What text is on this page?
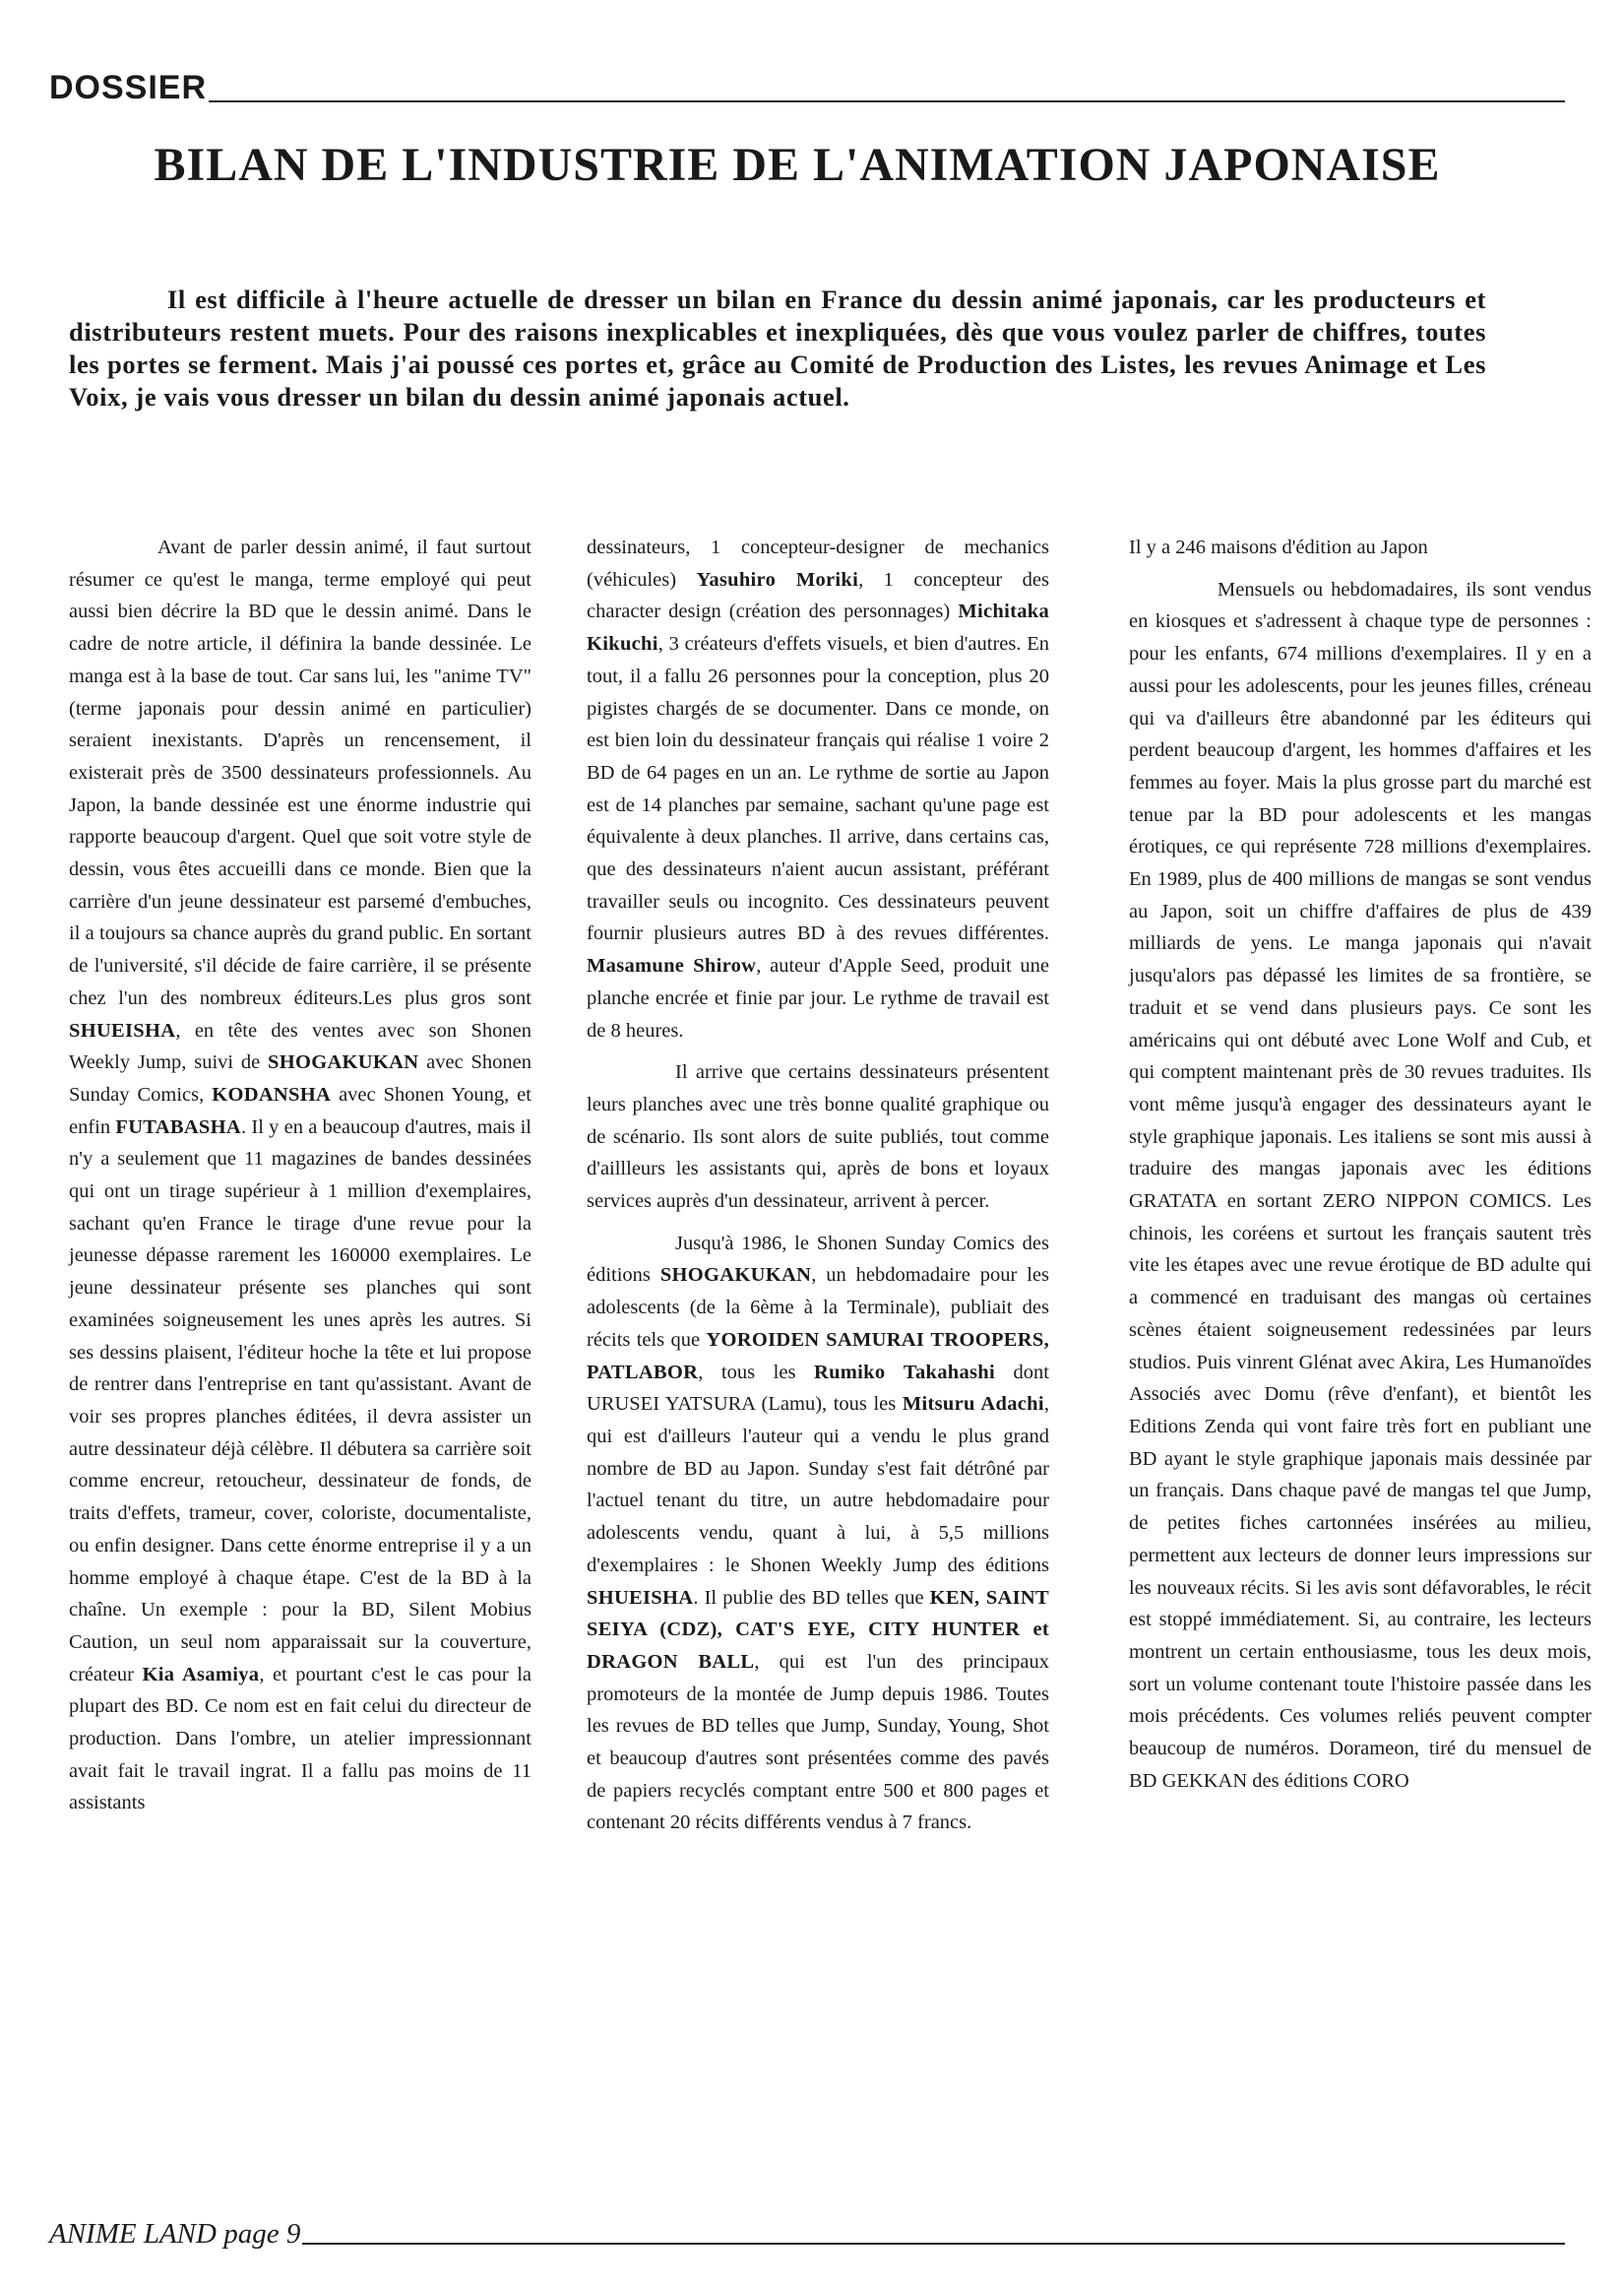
DOSSIER
BILAN DE L'INDUSTRIE DE L'ANIMATION JAPONAISE

Il est difficile à l'heure actuelle de dresser un bilan en France du dessin animé japonais, car les producteurs et distributeurs restent muets. Pour des raisons inexplicables et inexpliquées, dès que vous voulez parler de chiffres, toutes les portes se ferment. Mais j'ai poussé ces portes et, grâce au Comité de Production des Listes, les revues Animage et Les Voix, je vais vous dresser un bilan du dessin animé japonais actuel.

Avant de parler dessin animé, il faut surtout résumer ce qu'est le manga, terme employé qui peut aussi bien décrire la BD que le dessin animé. Dans le cadre de notre article, il définira la bande dessinée. Le manga est à la base de tout. Car sans lui, les "anime TV" (terme japonais pour dessin animé en particulier) seraient inexistants. D'après un rencensement, il existerait près de 3500 dessinateurs professionnels. Au Japon, la bande dessinée est une énorme industrie qui rapporte beaucoup d'argent. Quel que soit votre style de dessin, vous êtes accueilli dans ce monde. Bien que la carrière d'un jeune dessinateur est parsemé d'embuches, il a toujours sa chance auprès du grand public. En sortant de l'université, s'il décide de faire carrière, il se présente chez l'un des nombreux éditeurs.Les plus gros sont SHUEISHA, en tête des ventes avec son Shonen Weekly Jump, suivi de SHOGAKUKAN avec Shonen Sunday Comics, KODANSHA avec Shonen Young, et enfin FUTABASHA. Il y en a beaucoup d'autres, mais il n'y a seulement que 11 magazines de bandes dessinées qui ont un tirage supérieur à 1 million d'exemplaires, sachant qu'en France le tirage d'une revue pour la jeunesse dépasse rarement les 160000 exemplaires. Le jeune dessinateur présente ses planches qui sont examinées soigneusement les unes après les autres. Si ses dessins plaisent, l'éditeur hoche la tête et lui propose de rentrer dans l'entreprise en tant qu'assistant. Avant de voir ses propres planches éditées, il devra assister un autre dessinateur déjà célèbre. Il débutera sa carrière soit comme encreur, retoucheur, dessinateur de fonds, de traits d'effets, trameur, cover, coloriste, documentaliste, ou enfin designer. Dans cette énorme entreprise il y a un homme employé à chaque étape. C'est de la BD à la chaîne. Un exemple : pour la BD, Silent Mobius Caution, un seul nom apparaissait sur la couverture, créateur Kia Asamiya, et pourtant c'est le cas pour la plupart des BD. Ce nom est en fait celui du directeur de production. Dans l'ombre, un atelier impressionnant avait fait le travail ingrat. Il a fallu pas moins de 11 assistants

dessinateurs, 1 concepteur-designer de mechanics (véhicules) Yasuhiro Moriki, 1 concepteur des character design (création des personnages) Michitaka Kikuchi, 3 créateurs d'effets visuels, et bien d'autres. En tout, il a fallu 26 personnes pour la conception, plus 20 pigistes chargés de se documenter. Dans ce monde, on est bien loin du dessinateur français qui réalise 1 voire 2 BD de 64 pages en un an. Le rythme de sortie au Japon est de 14 planches par semaine, sachant qu'une page est équivalente à deux planches. Il arrive, dans certains cas, que des dessinateurs n'aient aucun assistant, préférant travailler seuls ou incognito. Ces dessinateurs peuvent fournir plusieurs autres BD à des revues différentes. Masamune Shirow, auteur d'Apple Seed, produit une planche encrée et finie par jour. Le rythme de travail est de 8 heures.

Il arrive que certains dessinateurs présentent leurs planches avec une très bonne qualité graphique ou de scénario. Ils sont alors de suite publiés, tout comme d'aillleurs les assistants qui, après de bons et loyaux services auprès d'un dessinateur, arrivent à percer.

Jusqu'à 1986, le Shonen Sunday Comics des éditions SHOGAKUKAN, un hebdomadaire pour les adolescents (de la 6ème à la Terminale), publiait des récits tels que YOROIDEN SAMURAI TROOPERS, PATLABOR, tous les Rumiko Takahashi dont URUSEI YATSURA (Lamu), tous les Mitsuru Adachi, qui est d'ailleurs l'auteur qui a vendu le plus grand nombre de BD au Japon. Sunday s'est fait détrôné par l'actuel tenant du titre, un autre hebdomadaire pour adolescents vendu, quant à lui, à 5,5 millions d'exemplaires : le Shonen Weekly Jump des éditions SHUEISHA. Il publie des BD telles que KEN, SAINT SEIYA (CDZ), CAT'S EYE, CITY HUNTER et DRAGON BALL, qui est l'un des principaux promoteurs de la montée de Jump depuis 1986. Toutes les revues de BD telles que Jump, Sunday, Young, Shot et beaucoup d'autres sont présentées comme des pavés de papiers recyclés comptant entre 500 et 800 pages et contenant 20 récits différents vendus à 7 francs.

Il y a 246 maisons d'édition au Japon

Mensuels ou hebdomadaires, ils sont vendus en kiosques et s'adressent à chaque type de personnes : pour les enfants, 674 millions d'exemplaires. Il y en a aussi pour les adolescents, pour les jeunes filles, créneau qui va d'ailleurs être abandonné par les éditeurs qui perdent beaucoup d'argent, les hommes d'affaires et les femmes au foyer. Mais la plus grosse part du marché est tenue par la BD pour adolescents et les mangas érotiques, ce qui représente 728 millions d'exemplaires. En 1989, plus de 400 millions de mangas se sont vendus au Japon, soit un chiffre d'affaires de plus de 439 milliards de yens. Le manga japonais qui n'avait jusqu'alors pas dépassé les limites de sa frontière, se traduit et se vend dans plusieurs pays. Ce sont les américains qui ont débuté avec Lone Wolf and Cub, et qui comptent maintenant près de 30 revues traduites. Ils vont même jusqu'à engager des dessinateurs ayant le style graphique japonais. Les italiens se sont mis aussi à traduire des mangas japonais avec les éditions GRATATA en sortant ZERO NIPPON COMICS. Les chinois, les coréens et surtout les français sautent très vite les étapes avec une revue érotique de BD adulte qui a commencé en traduisant des mangas où certaines scènes étaient soigneusement redessinées par leurs studios. Puis vinrent Glénat avec Akira, Les Humanoïdes Associés avec Domu (rêve d'enfant), et bientôt les Editions Zenda qui vont faire très fort en publiant une BD ayant le style graphique japonais mais dessinée par un français. Dans chaque pavé de mangas tel que Jump, de petites fiches cartonnées insérées au milieu, permettent aux lecteurs de donner leurs impressions sur les nouveaux récits. Si les avis sont défavorables, le récit est stoppé immédiatement. Si, au contraire, les lecteurs montrent un certain enthousiasme, tous les deux mois, sort un volume contenant toute l'histoire passée dans les mois précédents. Ces volumes reliés peuvent compter beaucoup de numéros. Dorameon, tiré du mensuel de BD GEKKAN des éditions CORO

ANIME LAND page 9
